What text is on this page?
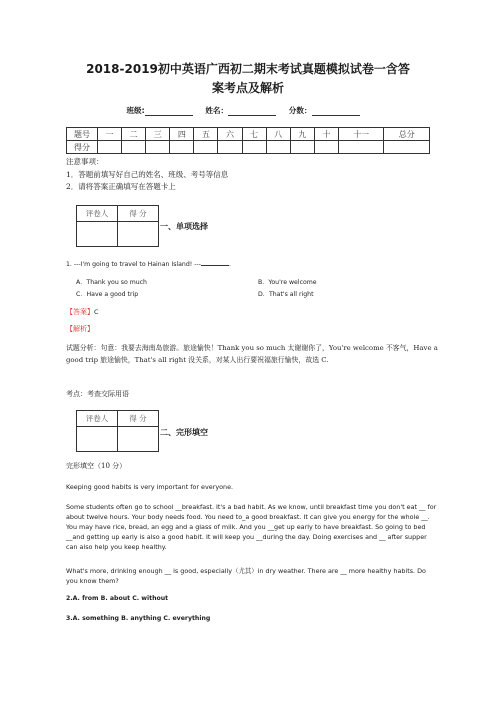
2018-2019初中英语广西初二期末考试真题模拟试卷一含答
案考点及解析
班级:	姓名：	分数：
题号	一	二	三	四	五	六	七	八	九	十	十一	总分
得分												
注意事项：
1．答题前填写好自己的姓名、班级、考号等信息
2．请将答案正确填写在答题卡上
评卷人	得 分

一、单项选择
1. ---I'm going to travel to Hainan Island! ---	.
A．Thank you so much	B．You're welcome
C．Have a good trip	D．That's all right
【答案】C
【解析】
试题分析：句意：我要去海南岛旅游。旅途愉快！Thank you so much 太谢谢你了，You're welcome 不客气，Have a good trip 旅途愉快，That's all right 没关系，对某人出行要祝福旅行愉快，故选 C.
考点：考查交际用语
评卷人	得 分

二、完形填空
完形填空（10 分）
Keeping good habits is very important for everyone.
Some students often go to school __breakfast. It's a bad habit. As we know, until breakfast time you don't eat __ for about twelve hours. Your body needs food. You need to_a good breakfast. It can give you energy for the whole __. You may have rice, bread, an egg and a glass of milk. And you __get up early to have breakfast. So going to bed __and getting up early is also a good habit. It will keep you __during the day. Doing exercises and __ after supper can also help you keep healthy.
What's more, drinking enough __ is good, especially（尤其）in dry weather. There are __ more healthy habits. Do you know them?
2.A. from B. about C. without
3.A. something B. anything C. everything
